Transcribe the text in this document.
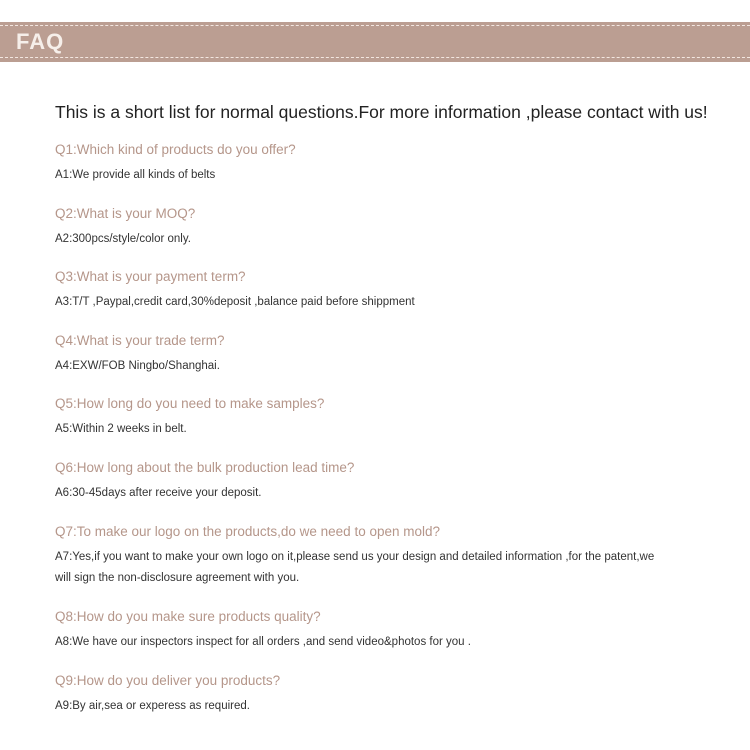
FAQ
This is a short list for normal questions.For more information ,please contact with us!
Q1:Which kind of products do you offer?
A1:We provide all kinds of belts
Q2:What is your MOQ?
A2:300pcs/style/color only.
Q3:What is your payment term?
A3:T/T ,Paypal,credit card,30%deposit ,balance paid before shippment
Q4:What is your trade term?
A4:EXW/FOB Ningbo/Shanghai.
Q5:How long do you need to make samples?
A5:Within 2 weeks in belt.
Q6:How long about the bulk production lead time?
A6:30-45days after receive your deposit.
Q7:To make our logo on the products,do we need to open mold?
A7:Yes,if you want to make your own logo on it,please send us your design and detailed information ,for the patent,we will sign the non-disclosure agreement with you.
Q8:How do you make sure products quality?
A8:We have our inspectors inspect for all orders ,and send video&photos for you .
Q9:How do you deliver you products?
A9:By air,sea or experess as required.
